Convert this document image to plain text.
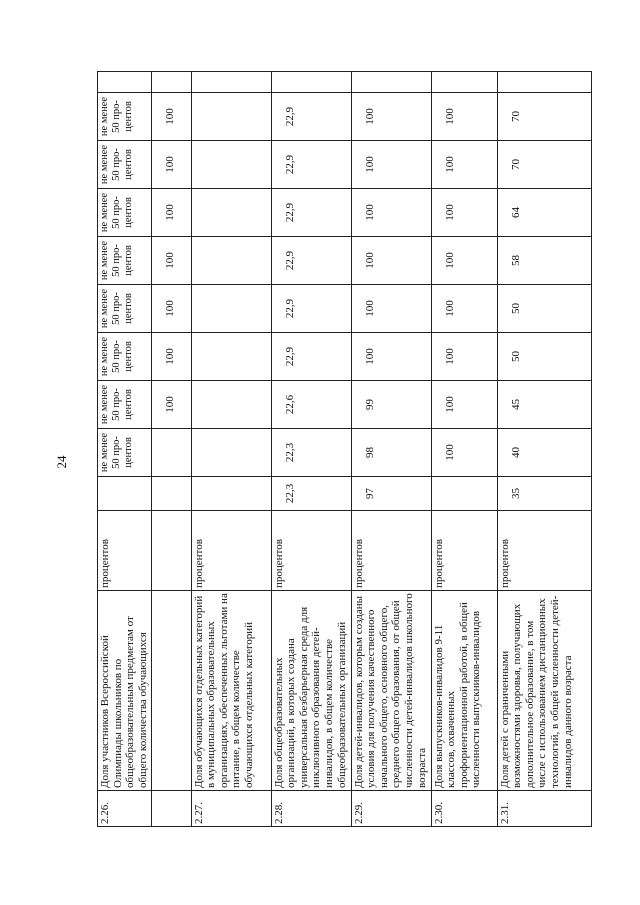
24
2.26.	Доля участников Всероссийской Олимпиады школьников по общеобразовательным предметам от общего количества обучающихся	процентов		не менее 50 про-центов	не менее 50 про-центов	не менее 50 про-центов	не менее 50 про-центов	не менее 50 про-центов	не менее 50 про-центов	не менее 50 про-центов	не менее 50 про-центов	
					100	100	100	100	100	100	100	
2.27.	Доля обучающихся отдельных категорий в муниципальных образовательных организациях, обеспеченных льготами на питание, в общем количестве обучающихся отдельных категорий	процентов										
2.28.	Доля общеобразовательных организаций, в которых создана универсальная безбарьерная среда для инклюзивного образования детей-инвалидов, в общем количестве общеобразовательных организаций	процентов	22,3	22,3	22,6	22,9	22,9	22,9	22,9	22,9	22,9	
2.29.	Доля детей-инвалидов, которым созданы условия для получения качественного начального общего, основного общего, среднего общего образования, от общей численности детей-инвалидов школьного возраста	процентов	97	98	99	100	100	100	100	100	100	
2.30.	Доля выпускников-инвалидов 9-11 классов, охваченных профориентационной работой, в общей численности выпускников-инвалидов	процентов		100	100	100	100	100	100	100	100	
2.31.	Доля детей с ограниченными возможностями здоровья, получающих дополнительное образование, в том числе с использованием дистанционных технологий, в общей численности детей-инвалидов данного возраста	процентов	35	40	45	50	50	58	64	70	70	
